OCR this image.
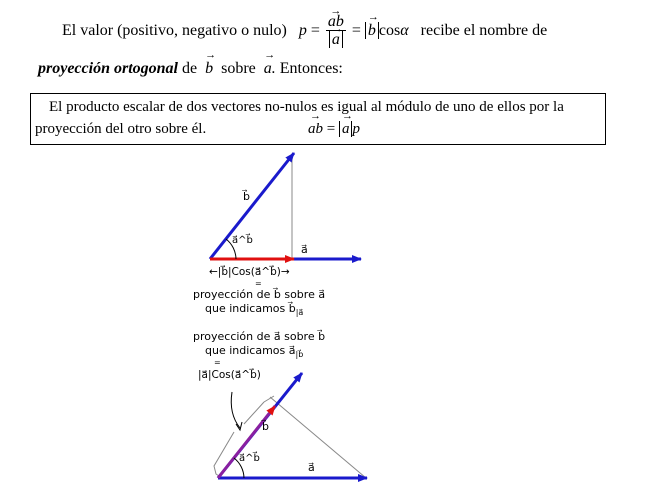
El valor (positivo, negativo o nulo) p = → ab
→ a = → b cosα recibe el nombre de
proyección ortogonal de → b sobre → a. Entonces:
El producto escalar de dos vectores no-nulos es igual al módulo de uno de ellos por la
proyección del otro sobre él.	→ ab = → a p
b⃗
a⃗^b⃗
a⃗
←|b⃗|Cos(a⃗^b⃗)→
=
proyección de b⃗ sobre a⃗
que indicamos $b⃗_{|a⃗}$
proyección de a⃗ sobre b⃗
que indicamos $a⃗_{|b⃗}$
=
|a⃗|Cos(a⃗^b⃗)
b⃗
a⃗^b⃗
a⃗
